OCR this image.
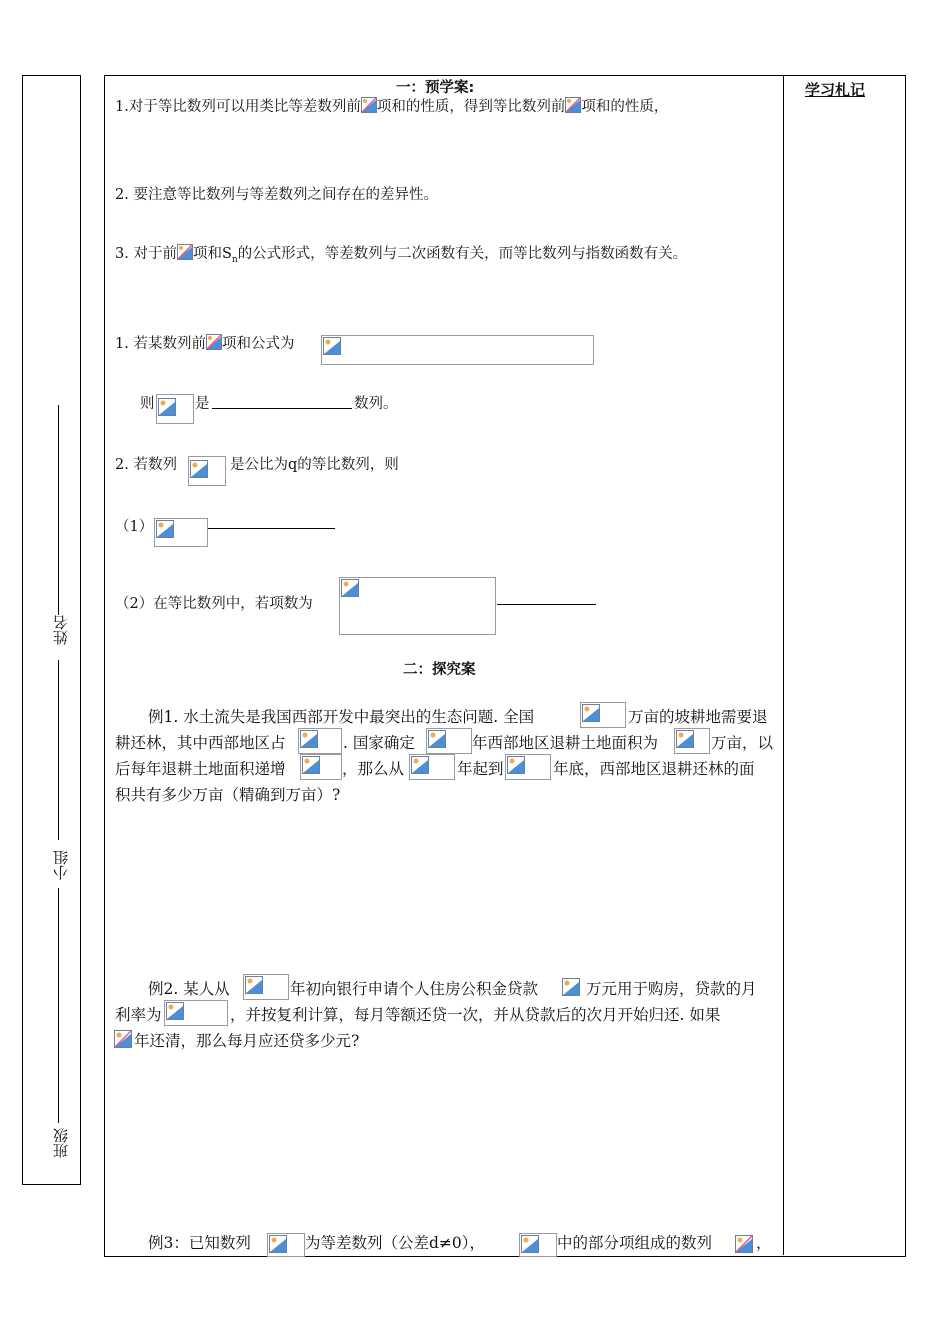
姓名
小组
班级
学习札记
一：预学案:
1.对于等比数列可以用类比等差数列前 项和的性质，得到等比数列前 项和的性质，
2. 要注意等比数列与等差数列之间存在的差异性。
3. 对于前 项和$S_n$的公式形式，等差数列与二次函数有关，而等比数列与指数函数有关。
1. 若某数列前 项和公式为
则	是	数列。
2. 若数列	是公比为q的等比数列，则
（1）
（2）在等比数列中，若项数为
二：探究案
例1. 水土流失是我国西部开发中最突出的生态问题. 全国	万亩的坡耕地需要退
耕还林，其中西部地区占	. 国家确定	年西部地区退耕土地面积为	万亩，以
后每年退耕土地面积递增	，那么从	年起到	年底，西部地区退耕还林的面
积共有多少万亩（精确到万亩）?
例2. 某人从	年初向银行申请个人住房公积金贷款	万元用于购房，贷款的月
利率为	，并按复利计算，每月等额还贷一次，并从贷款后的次月开始归还. 如果
年还清，那么每月应还贷多少元?
例3：已知数列	为等差数列（公差d≠0），	中的部分项组成的数列	，
